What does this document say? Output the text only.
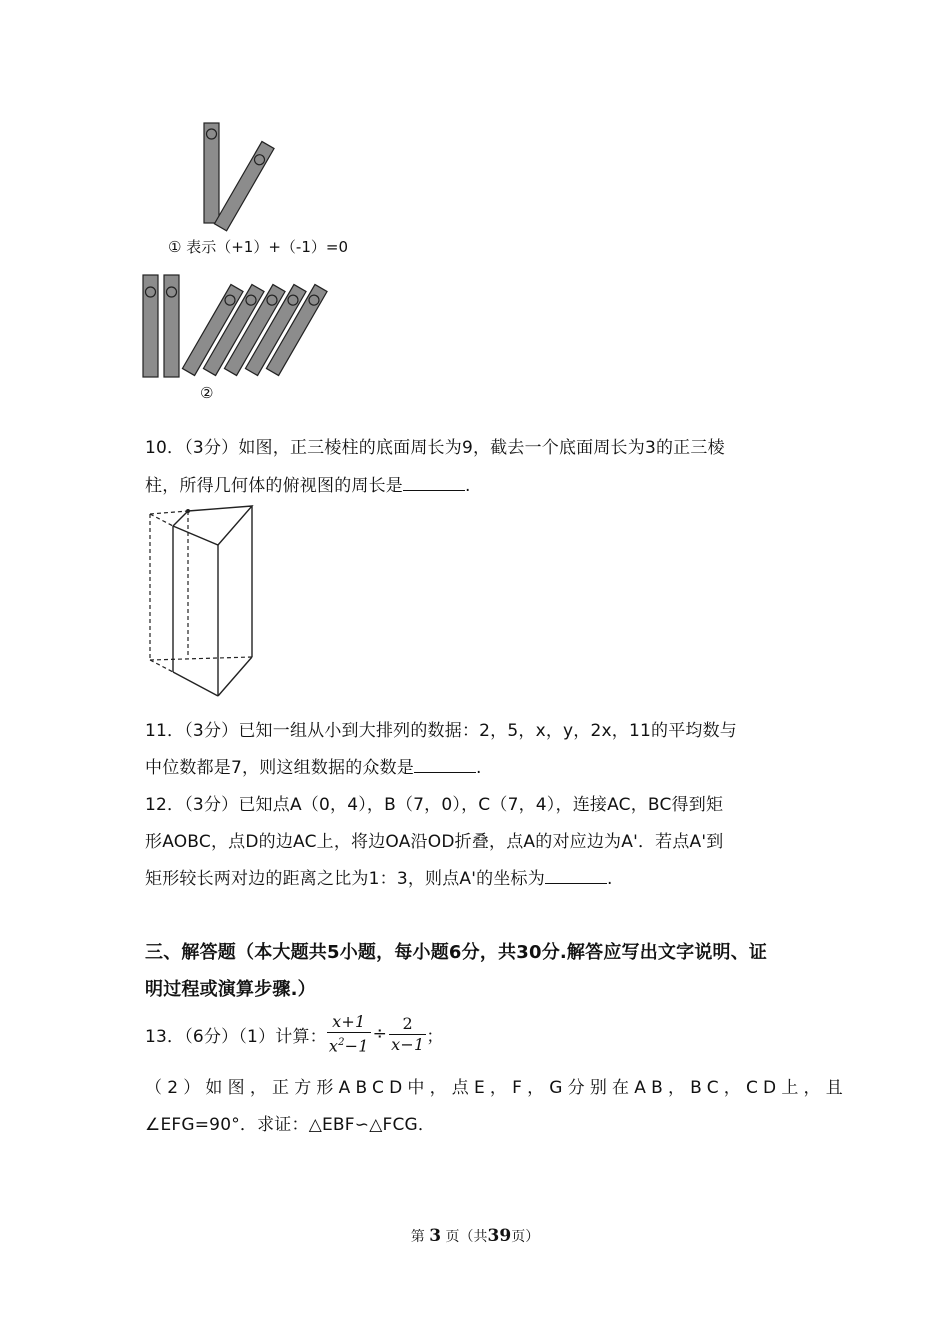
① 表示（+1）+（-1）=0
②
10．（3分）如图，正三棱柱的底面周长为9，截去一个底面周长为3的正三棱
柱，所得几何体的俯视图的周长是	.
11．（3分）已知一组从小到大排列的数据：2，5，x，y，2x，11的平均数与
中位数都是7，则这组数据的众数是	.
12．（3分）已知点A（0，4），B（7，0），C（7，4），连接AC，BC得到矩
形AOBC，点D的边AC上，将边OA沿OD折叠，点A的对应边为A'．若点A'到
矩形较长两对边的距离之比为1：3，则点A'的坐标为	.
三、解答题（本大题共5小题，每小题6分，共30分.解答应写出文字说明、证
明过程或演算步骤.）
13．（6分）（1）计算： $\frac{x+1}{x^2-1} \div \frac{2}{x-1}$ ；
（2）如图，正方形ABCD中，点E，F，G分别在AB，BC，CD上，且
∠EFG=90°．求证：△EBF∽△FCG．
第 3 页（共39页）
